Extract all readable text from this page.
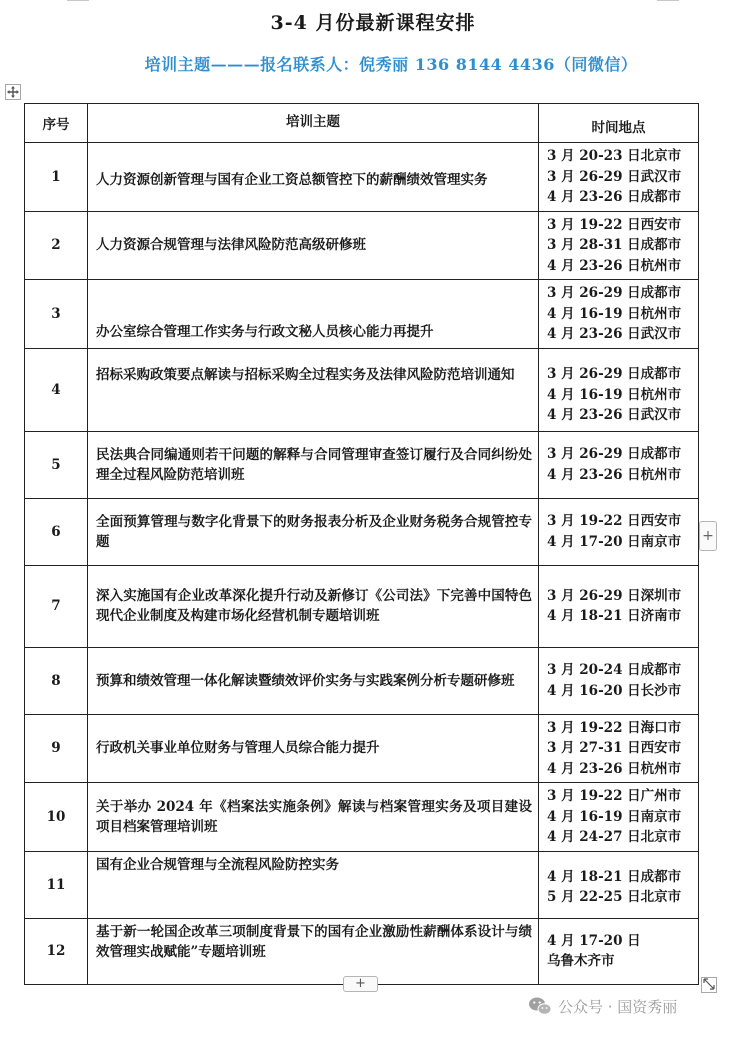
3-4 月份最新课程安排
培训主题———报名联系人：倪秀丽 136 8144 4436（同微信）
序号	培训主题	时间地点
1	人力资源创新管理与国有企业工资总额管控下的薪酬绩效管理实务	3 月 20-23 日北京市
3 月 26-29 日武汉市
4 月 23-26 日成都市

2	人力资源合规管理与法律风险防范高级研修班	3 月 19-22 日西安市
3 月 28-31 日成都市
4 月 23-26 日杭州市

3	办公室综合管理工作实务与行政文秘人员核心能力再提升	3 月 26-29 日成都市
4 月 16-19 日杭州市
4 月 23-26 日武汉市

4	招标采购政策要点解读与招标采购全过程实务及法律风险防范培训通知	3 月 26-29 日成都市
4 月 16-19 日杭州市
4 月 23-26 日武汉市

5	民法典合同编通则若干问题的解释与合同管理审查签订履行及合同纠纷处理全过程风险防范培训班	3 月 26-29 日成都市
4 月 23-26 日杭州市

6	全面预算管理与数字化背景下的财务报表分析及企业财务税务合规管控专题	3 月 19-22 日西安市
4 月 17-20 日南京市

7	深入实施国有企业改革深化提升行动及新修订《公司法》下完善中国特色现代企业制度及构建市场化经营机制专题培训班	3 月 26-29 日深圳市
4 月 18-21 日济南市

8	预算和绩效管理一体化解读暨绩效评价实务与实践案例分析专题研修班	3 月 20-24 日成都市
4 月 16-20 日长沙市

9	行政机关事业单位财务与管理人员综合能力提升	3 月 19-22 日海口市
3 月 27-31 日西安市
4 月 23-26 日杭州市

10	关于举办 2024 年《档案法实施条例》解读与档案管理实务及项目建设项目档案管理培训班	3 月 19-22 日广州市
4 月 16-19 日南京市
4 月 24-27 日北京市

11	国有企业合规管理与全流程风险防控实务	4 月 18-21 日成都市
5 月 22-25 日北京市

12	基于新一轮国企改革三项制度背景下的国有企业激励性薪酬体系设计与绩效管理实战赋能”专题培训班	4 月 17-20 日
乌鲁木齐市
+
+
公众号 · 国资秀丽
